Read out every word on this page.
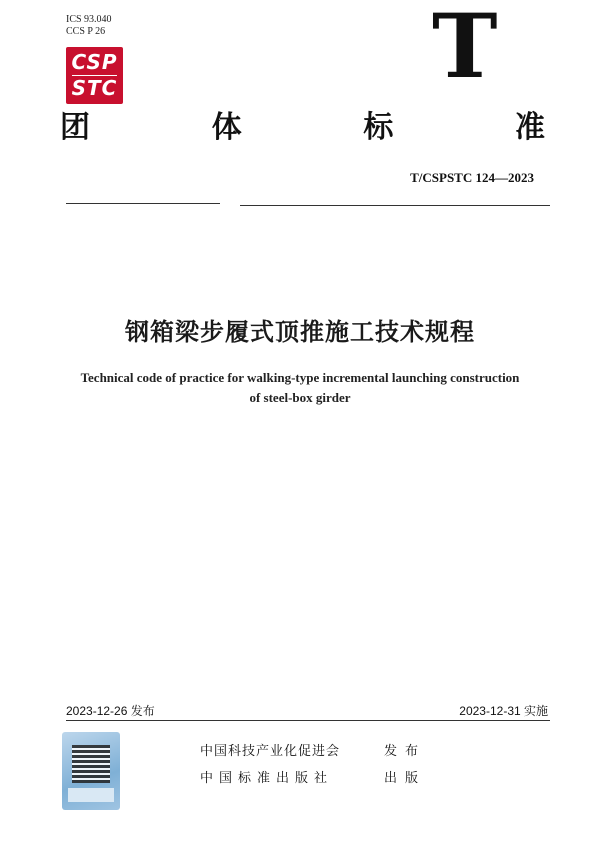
ICS 93.040
CCS P 26
CSP
STC	T
团	体	标	准
T/CSPSTC 124—2023
钢箱梁步履式顶推施工技术规程
Technical code of practice for walking-type incremental launching construction
of steel-box girder
2023-12-26 发布	2023-12-31 实施
中国科技产业化促进会	发布
中国标准出版社	出版
